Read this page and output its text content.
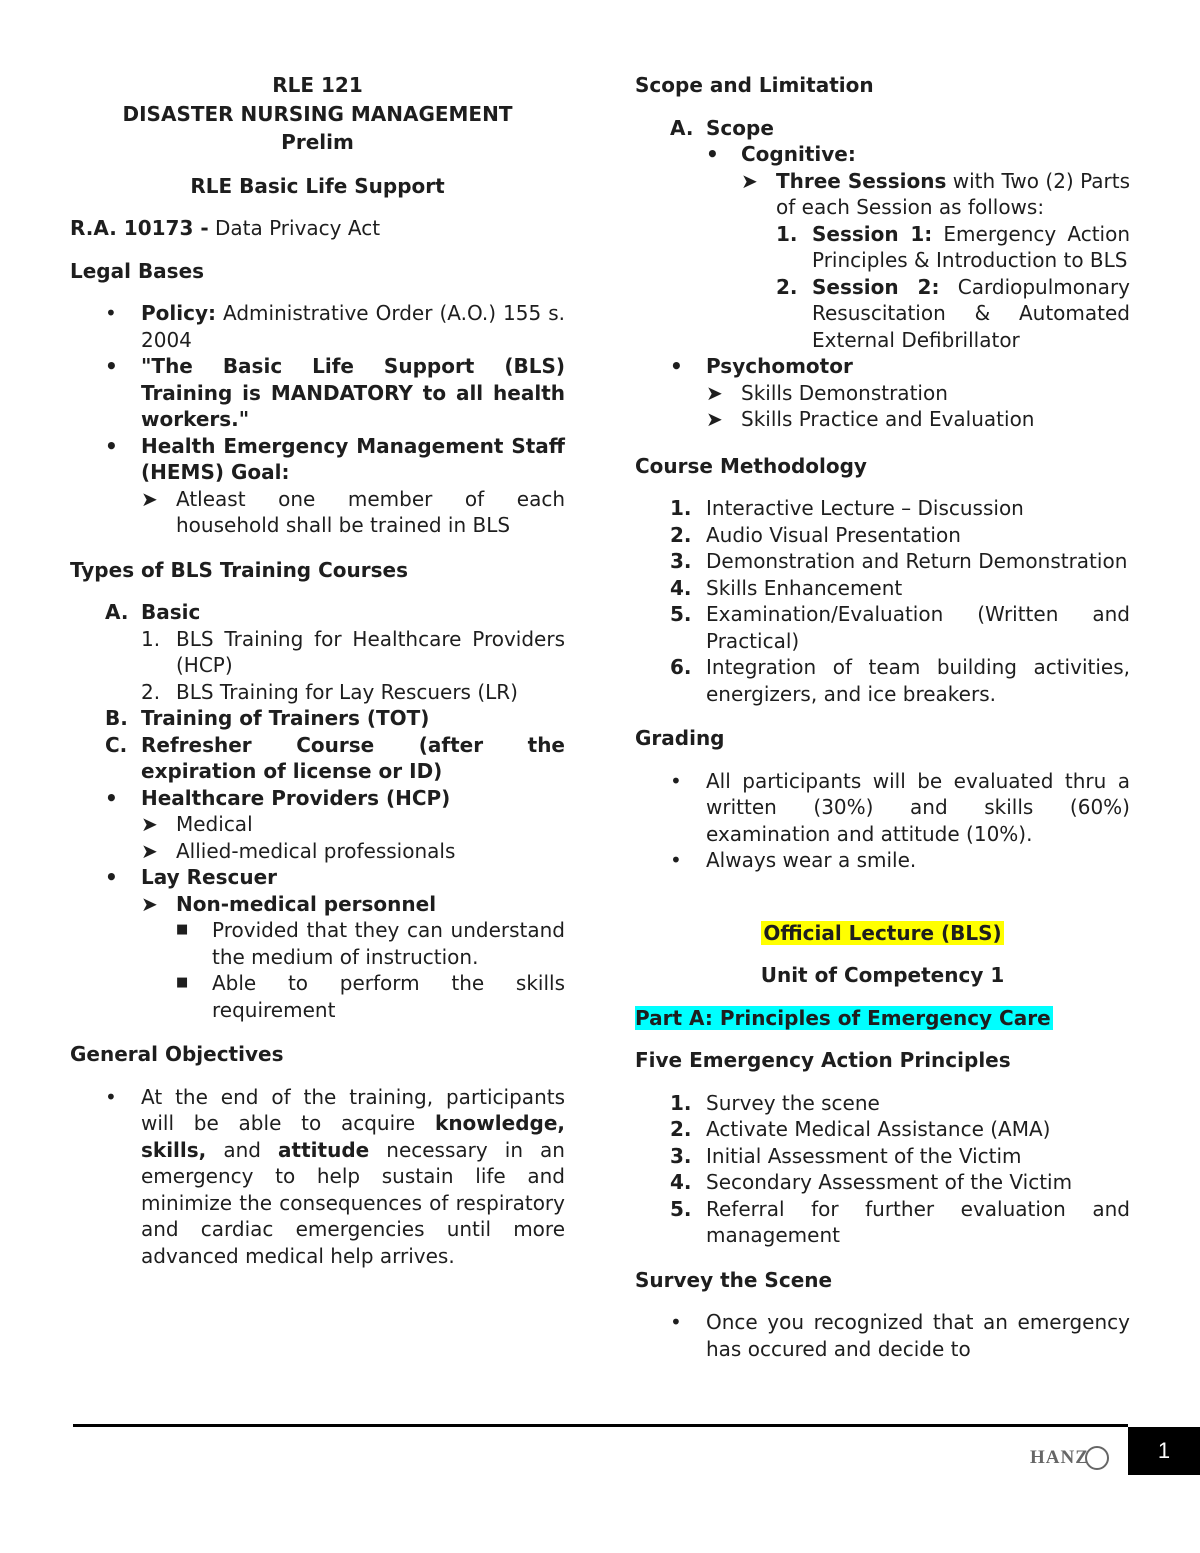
RLE 121
DISASTER NURSING MANAGEMENT
Prelim
RLE Basic Life Support
R.A. 10173 - Data Privacy Act
Legal Bases
•
Policy: Administrative Order (A.O.) 155 s. 2004
•
"The Basic Life Support (BLS) Training is MANDATORY to all health workers."
•
Health Emergency Management Staff (HEMS) Goal:
➤ Atleast one member of each household shall be trained in BLS
Types of BLS Training Courses
A. Basic
1. BLS Training for Healthcare Providers (HCP)
2. BLS Training for Lay Rescuers (LR)
B. Training of Trainers (TOT)
C. Refresher Course (after the expiration of license or ID)
•
Healthcare Providers (HCP)
➤ Medical
➤ Allied-medical professionals
•
Lay Rescuer
➤ Non-medical personnel
■ Provided that they can understand the medium of instruction.
■ Able to perform the skills requirement
General Objectives
•
At the end of the training, participants will be able to acquire knowledge, skills, and attitude necessary in an emergency to help sustain life and minimize the consequences of respiratory and cardiac emergencies until more advanced medical help arrives.
Scope and Limitation
A. Scope
•
Cognitive:
➤ Three Sessions with Two (2) Parts of each Session as follows:
1. Session 1: Emergency Action Principles & Introduction to BLS
2. Session 2: Cardiopulmonary Resuscitation & Automated External Defibrillator
•
Psychomotor
➤ Skills Demonstration
➤ Skills Practice and Evaluation
Course Methodology
1. Interactive Lecture – Discussion
2. Audio Visual Presentation
3. Demonstration and Return Demonstration
4. Skills Enhancement
5. Examination/Evaluation (Written and Practical)
6. Integration of team building activities, energizers, and ice breakers.
Grading
•
All participants will be evaluated thru a written (30%) and skills (60%) examination and attitude (10%).
•
Always wear a smile.
Official Lecture (BLS)
Unit of Competency 1
Part A: Principles of Emergency Care
Five Emergency Action Principles
1. Survey the scene
2. Activate Medical Assistance (AMA)
3. Initial Assessment of the Victim
4. Secondary Assessment of the Victim
5. Referral for further evaluation and management
Survey the Scene
•
Once you recognized that an emergency has occured and decide to
HANZ	1
